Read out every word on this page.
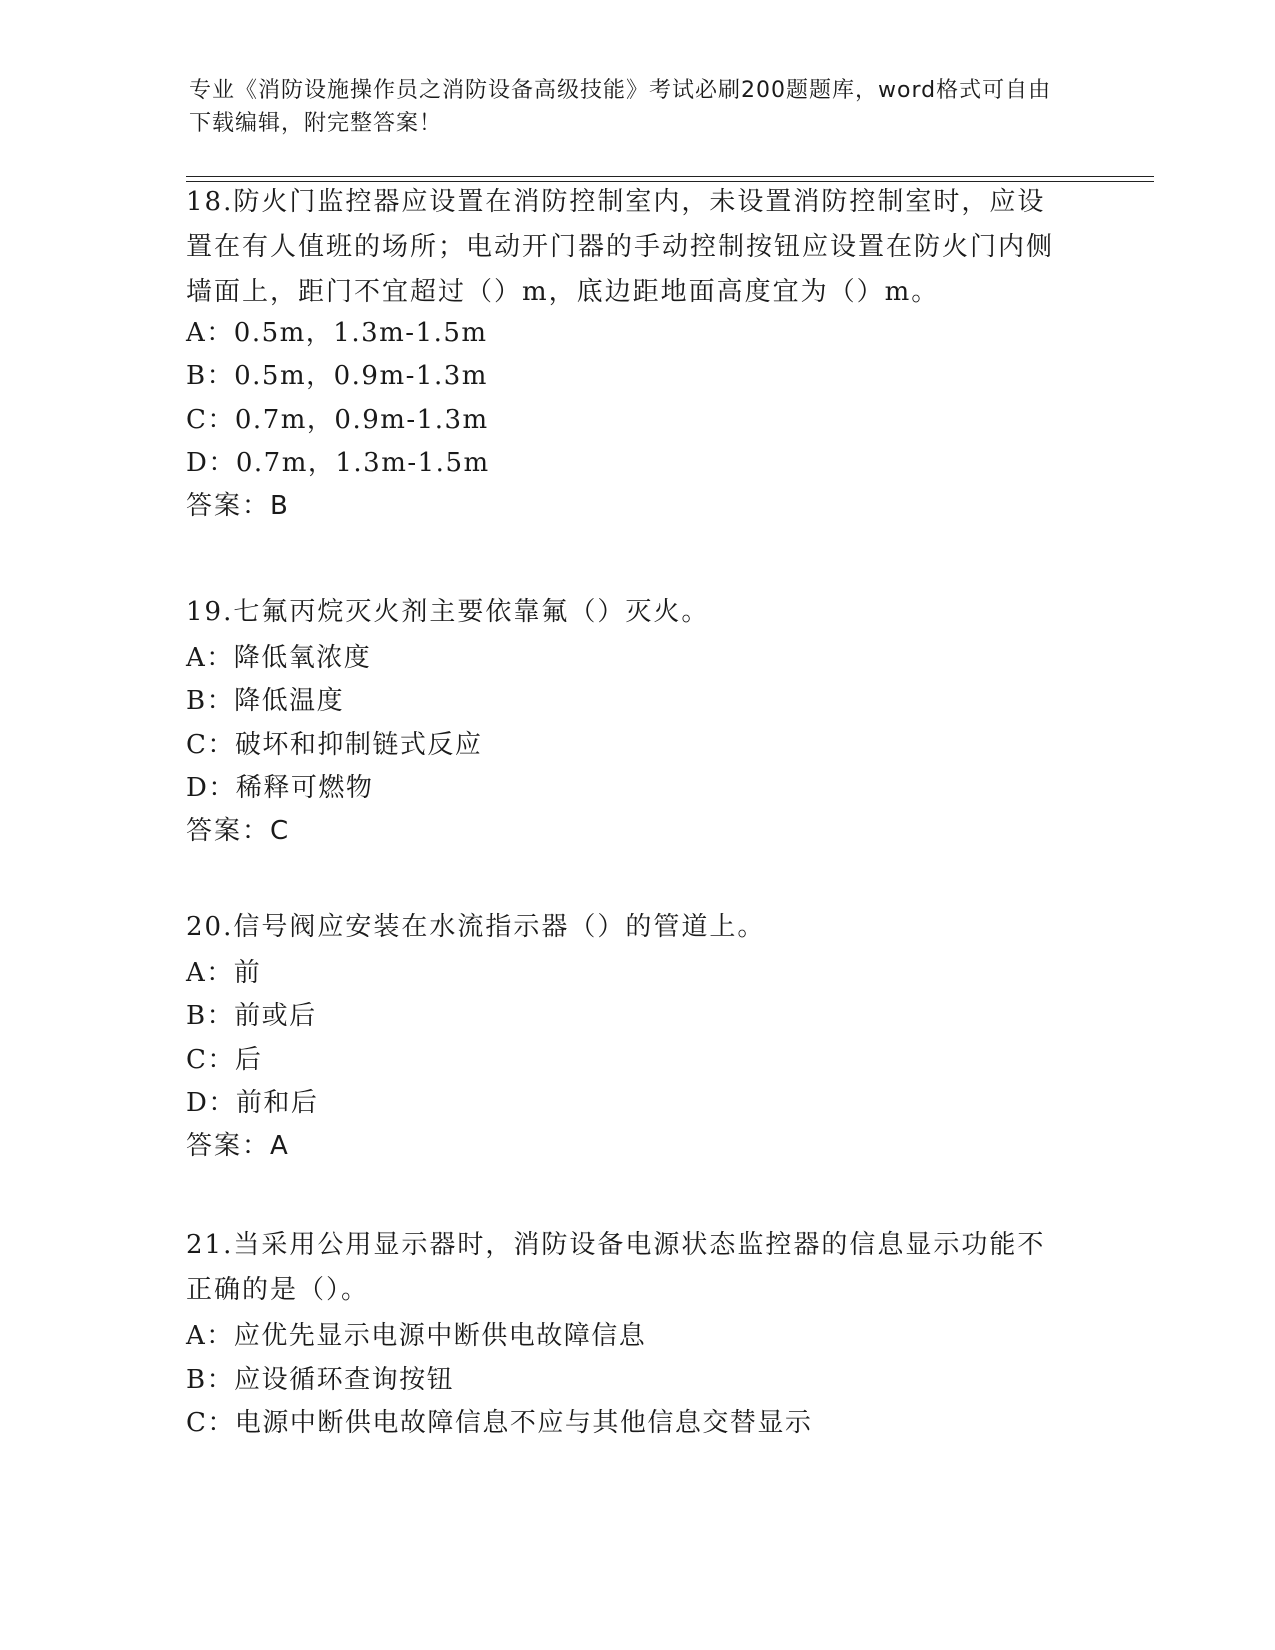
专业《消防设施操作员之消防设备高级技能》考试必刷200题题库，word格式可自由下载编辑，附完整答案！
18.防火门监控器应设置在消防控制室内，未设置消防控制室时，应设置在有人值班的场所；电动开门器的手动控制按钮应设置在防火门内侧墙面上，距门不宜超过（）m，底边距地面高度宜为（）m。
A：0.5m，1.3m-1.5m
B：0.5m，0.9m-1.3m
C：0.7m，0.9m-1.3m
D：0.7m，1.3m-1.5m
答案：B
19.七氟丙烷灭火剂主要依靠氟（）灭火。
A：降低氧浓度
B：降低温度
C：破坏和抑制链式反应
D：稀释可燃物
答案：C
20.信号阀应安装在水流指示器（）的管道上。
A：前
B：前或后
C：后
D：前和后
答案：A
21.当采用公用显示器时，消防设备电源状态监控器的信息显示功能不正确的是（）。
A：应优先显示电源中断供电故障信息
B：应设循环查询按钮
C：电源中断供电故障信息不应与其他信息交替显示
